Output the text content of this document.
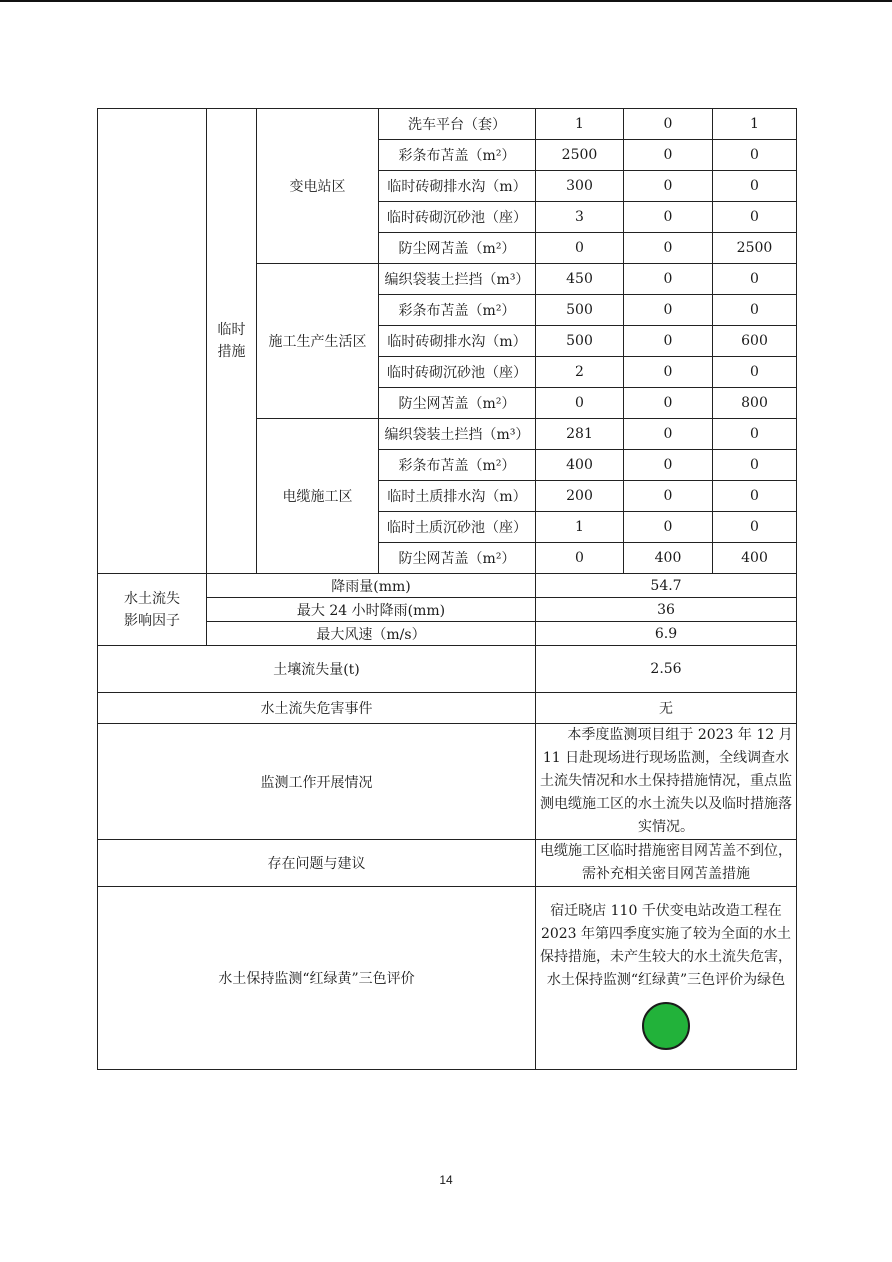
	临时措施	变电站区	洗车平台（套）	1	0	1
			彩条布苫盖（m²）	2500	0	0
			临时砖砌排水沟（m）	300	0	0
			临时砖砌沉砂池（座）	3	0	0
			防尘网苫盖（m²）	0	0	2500
		施工生产生活区	编织袋装土拦挡（m³）	450	0	0
			彩条布苫盖（m²）	500	0	0
			临时砖砌排水沟（m）	500	0	600
			临时砖砌沉砂池（座）	2	0	0
			防尘网苫盖（m²）	0	0	800
		电缆施工区	编织袋装土拦挡（m³）	281	0	0
			彩条布苫盖（m²）	400	0	0
			临时土质排水沟（m）	200	0	0
			临时土质沉砂池（座）	1	0	0
			防尘网苫盖（m²）	0	400	400
水土流失影响因子	降雨量(mm)			54.7		
	最大 24 小时降雨(mm)			36		
	最大风速（m/s）			6.9		
土壤流失量(t)				2.56		
水土流失危害事件				无		
监测工作开展情况				本季度监测项目组于 2023 年 12 月 11 日赴现场进行现场监测，全线调查水土流失情况和水土保持措施情况，重点监测电缆施工区的水土流失以及临时措施落实情况。		
存在问题与建议				电缆施工区临时措施密目网苫盖不到位，需补充相关密目网苫盖措施		
水土保持监测“红绿黄”三色评价				宿迁晓店 110 千伏变电站改造工程在 2023 年第四季度实施了较为全面的水土保持措施，未产生较大的水土流失危害，水土保持监测“红绿黄”三色评价为绿色		
14
